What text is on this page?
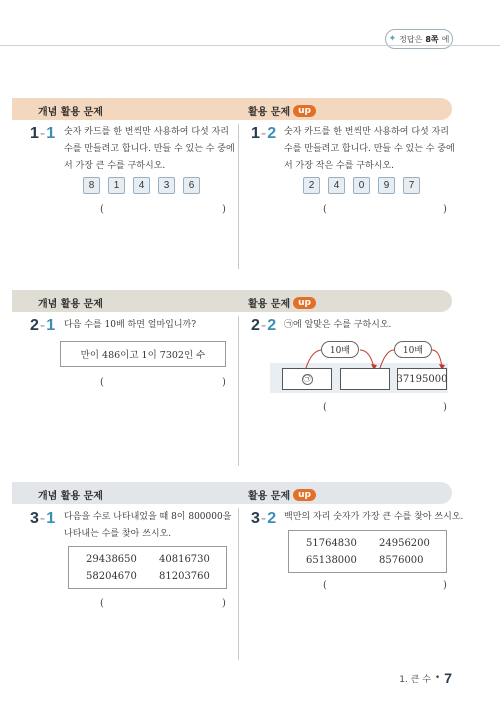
✦ 정답은 8쪽 에
개념 활용 문제	활용 문제 up
1 - 1 숫자 카드를 한 번씩만 사용하여 다섯 자리
수를 만들려고 합니다. 만들 수 있는 수 중에
서 가장 큰 수를 구하시오.
8	1	4	3	6
(	)
1 - 2 숫자 카드를 한 번씩만 사용하여 다섯 자리
수를 만들려고 합니다. 만들 수 있는 수 중에
서 가장 작은 수를 구하시오.
2	4	0	9	7
(	)
개념 활용 문제	활용 문제 up
2 - 1 다음 수를 10배 하면 얼마입니까?
만이 486이고 1이 7302인 수
(	)
2 - 2 ㉠에 알맞은 수를 구하시오.
10배	10배
㉠	37195000
(	)
개념 활용 문제	활용 문제 up
3 - 1 다음을 수로 나타내었을 때 8이 800000을
나타내는 수를 찾아 쓰시오.
29438650 40816730
58204670 81203760
(	)
3 - 2 백만의 자리 숫자가 가장 큰 수를 찾아 쓰시오.
51764830 24956200
65138000 8576000
(	)
1. 큰 수 • 7
